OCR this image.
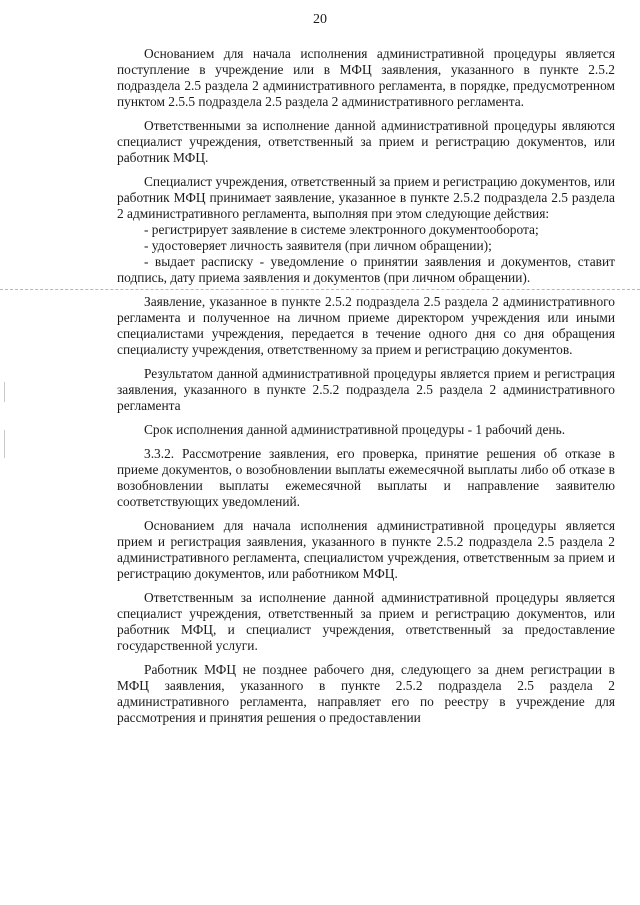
20

Основанием для начала исполнения административной процедуры является поступление в учреждение или в МФЦ заявления, указанного в пункте 2.5.2 подраздела 2.5 раздела 2 административного регламента, в порядке, предусмотренном пунктом 2.5.5 подраздела 2.5 раздела 2 административного регламента.

Ответственными за исполнение данной административной процедуры являются специалист учреждения, ответственный за прием и регистрацию документов, или работник МФЦ.

Специалист учреждения, ответственный за прием и регистрацию документов, или работник МФЦ принимает заявление, указанное в пункте 2.5.2 подраздела 2.5 раздела 2 административного регламента, выполняя при этом следующие действия:

- регистрирует заявление в системе электронного документооборота;

- удостоверяет личность заявителя (при личном обращении);

- выдает расписку - уведомление о принятии заявления и документов, ставит подпись, дату приема заявления и документов (при личном обращении).

Заявление, указанное в пункте 2.5.2 подраздела 2.5 раздела 2 административного регламента и полученное на личном приеме директором учреждения или иными специалистами учреждения, передается в течение одного дня со дня обращения специалисту учреждения, ответственному за прием и регистрацию документов.

Результатом данной административной процедуры является прием и регистрация заявления, указанного в пункте 2.5.2 подраздела 2.5 раздела 2 административного регламента

Срок исполнения данной административной процедуры - 1 рабочий день.

3.3.2. Рассмотрение заявления, его проверка, принятие решения об отказе в приеме документов, о возобновлении выплаты ежемесячной выплаты либо об отказе в возобновлении выплаты ежемесячной выплаты и направление заявителю соответствующих уведомлений.

Основанием для начала исполнения административной процедуры является прием и регистрация заявления, указанного в пункте 2.5.2 подраздела 2.5 раздела 2 административного регламента, специалистом учреждения, ответственным за прием и регистрацию документов, или работником МФЦ.

Ответственным за исполнение данной административной процедуры является специалист учреждения, ответственный за прием и регистрацию документов, или работник МФЦ, и специалист учреждения, ответственный за предоставление государственной услуги.

Работник МФЦ не позднее рабочего дня, следующего за днем регистрации в МФЦ заявления, указанного в пункте 2.5.2 подраздела 2.5 раздела 2 административного регламента, направляет его по реестру в учреждение для рассмотрения и принятия решения о предоставлении
